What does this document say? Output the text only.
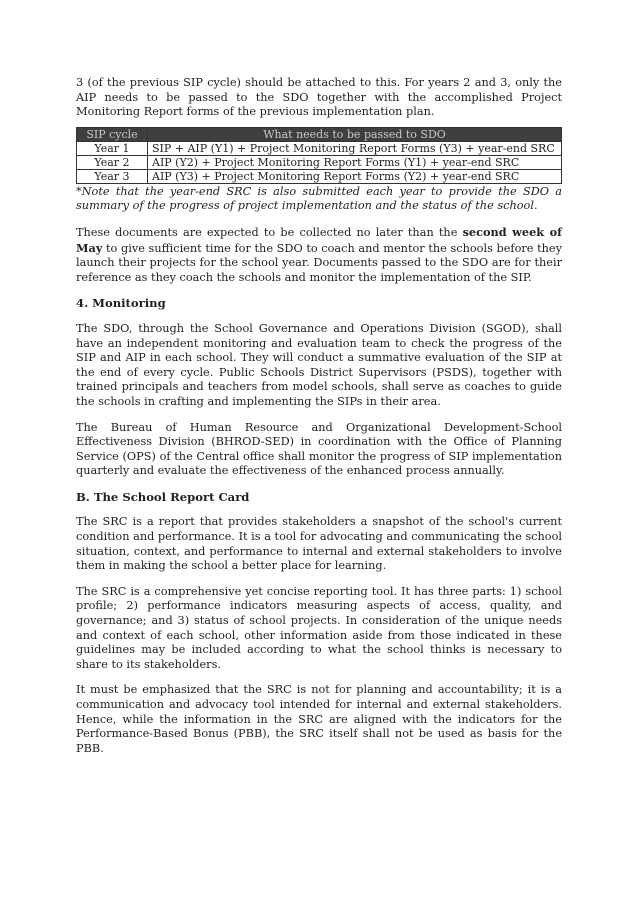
3 (of the previous SIP cycle) should be attached to this. For years 2 and 3, only the AIP needs to be passed to the SDO together with the accomplished Project Monitoring Report forms of the previous implementation plan.

SIP cycle	What needs to be passed to SDO
Year 1	SIP + AIP (Y1) + Project Monitoring Report Forms (Y3) + year-end SRC
Year 2	AIP (Y2) + Project Monitoring Report Forms (Y1) + year-end SRC
Year 3	AIP (Y3) + Project Monitoring Report Forms (Y2) + year-end SRC

*Note that the year-end SRC is also submitted each year to provide the SDO a summary of the progress of project implementation and the status of the school.

These documents are expected to be collected no later than the second week of May to give sufficient time for the SDO to coach and mentor the schools before they launch their projects for the school year. Documents passed to the SDO are for their reference as they coach the schools and monitor the implementation of the SIP.

4. Monitoring

The SDO, through the School Governance and Operations Division (SGOD), shall have an independent monitoring and evaluation team to check the progress of the SIP and AIP in each school. They will conduct a summative evaluation of the SIP at the end of every cycle. Public Schools District Supervisors (PSDS), together with trained principals and teachers from model schools, shall serve as coaches to guide the schools in crafting and implementing the SIPs in their area.

The Bureau of Human Resource and Organizational Development-School Effectiveness Division (BHROD-SED) in coordination with the Office of Planning Service (OPS) of the Central office shall monitor the progress of SIP implementation quarterly and evaluate the effectiveness of the enhanced process annually.

B. The School Report Card

The SRC is a report that provides stakeholders a snapshot of the school's current condition and performance. It is a tool for advocating and communicating the school situation, context, and performance to internal and external stakeholders to involve them in making the school a better place for learning.

The SRC is a comprehensive yet concise reporting tool. It has three parts: 1) school profile; 2) performance indicators measuring aspects of access, quality, and governance; and 3) status of school projects. In consideration of the unique needs and context of each school, other information aside from those indicated in these guidelines may be included according to what the school thinks is necessary to share to its stakeholders.

It must be emphasized that the SRC is not for planning and accountability; it is a communication and advocacy tool intended for internal and external stakeholders. Hence, while the information in the SRC are aligned with the indicators for the Performance-Based Bonus (PBB), the SRC itself shall not be used as basis for the PBB.
